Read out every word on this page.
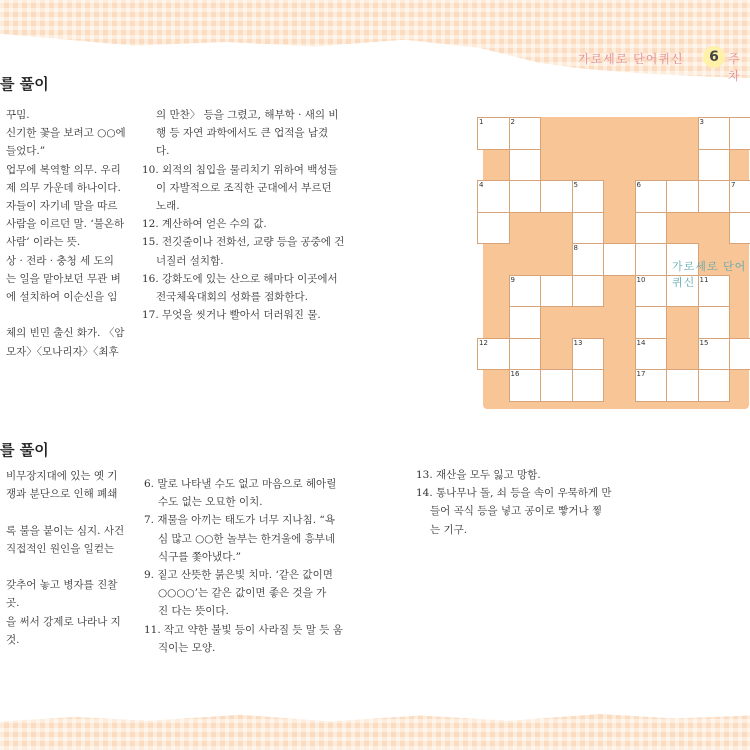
가로세로 단어퀴신	6 주차
를 풀이
를 풀이
1	2	3
4	5	6	7
8
9	10	11
12	13	14	15
16	17
가로세로 단어퀴신
꾸밈.
신기한 꽃을 보려고 ○○에
들었다.”
업무에 복역할 의무. 우리
제 의무 가운데 하나이다.
자들이 자기네 말을 따르
사람을 이르던 말. ‘불온하
사람’ 이라는 뜻.
상 · 전라 · 충청 세 도의
는 일을 맡아보던 무관 벼
에 설치하여 이순신을 임
체의 빈민 출신 화가. 〈암
모자〉〈모나리자〉〈최후
의 만찬〉 등을 그렸고, 해부학 · 새의 비
행 등 자연 과학에서도 큰 업적을 남겼
다.
10. 외적의 침입을 물리치기 위하여 백성들
이 자발적으로 조직한 군대에서 부르던
노래.
12. 계산하여 얻은 수의 값.
15. 전깃줄이나 전화선, 교량 등을 공중에 건
너질러 설치함.
16. 강화도에 있는 산으로 해마다 이곳에서
전국체육대회의 성화를 점화한다.
17. 무엇을 씻거나 빨아서 더러워진 물.
비무장지대에 있는 옛 기
쟁과 분단으로 인해 폐쇄
록 불을 붙이는 심지. 사건
직접적인 원인을 일컫는
갖추어 놓고 병자를 진찰
곳.
을 써서 강제로 나라나 지
것.
6. 말로 나타낼 수도 없고 마음으로 헤아릴
수도 없는 오묘한 이치.
7. 재물을 아끼는 태도가 너무 지나침. “욕
심 많고 ○○한 놀부는 한겨울에 흥부네
식구를 쫓아냈다.”
9. 짙고 산뜻한 붉은빛 치마. ‘같은 값이면
○○○○’는 같은 값이면 좋은 것을 가
진 다는 뜻이다.
11. 작고 약한 불빛 등이 사라질 듯 말 듯 움
직이는 모양.
13. 재산을 모두 잃고 망함.
14. 통나무나 돌, 쇠 등을 속이 우묵하게 만
들어 곡식 등을 넣고 공이로 빻거나 찧
는 기구.
